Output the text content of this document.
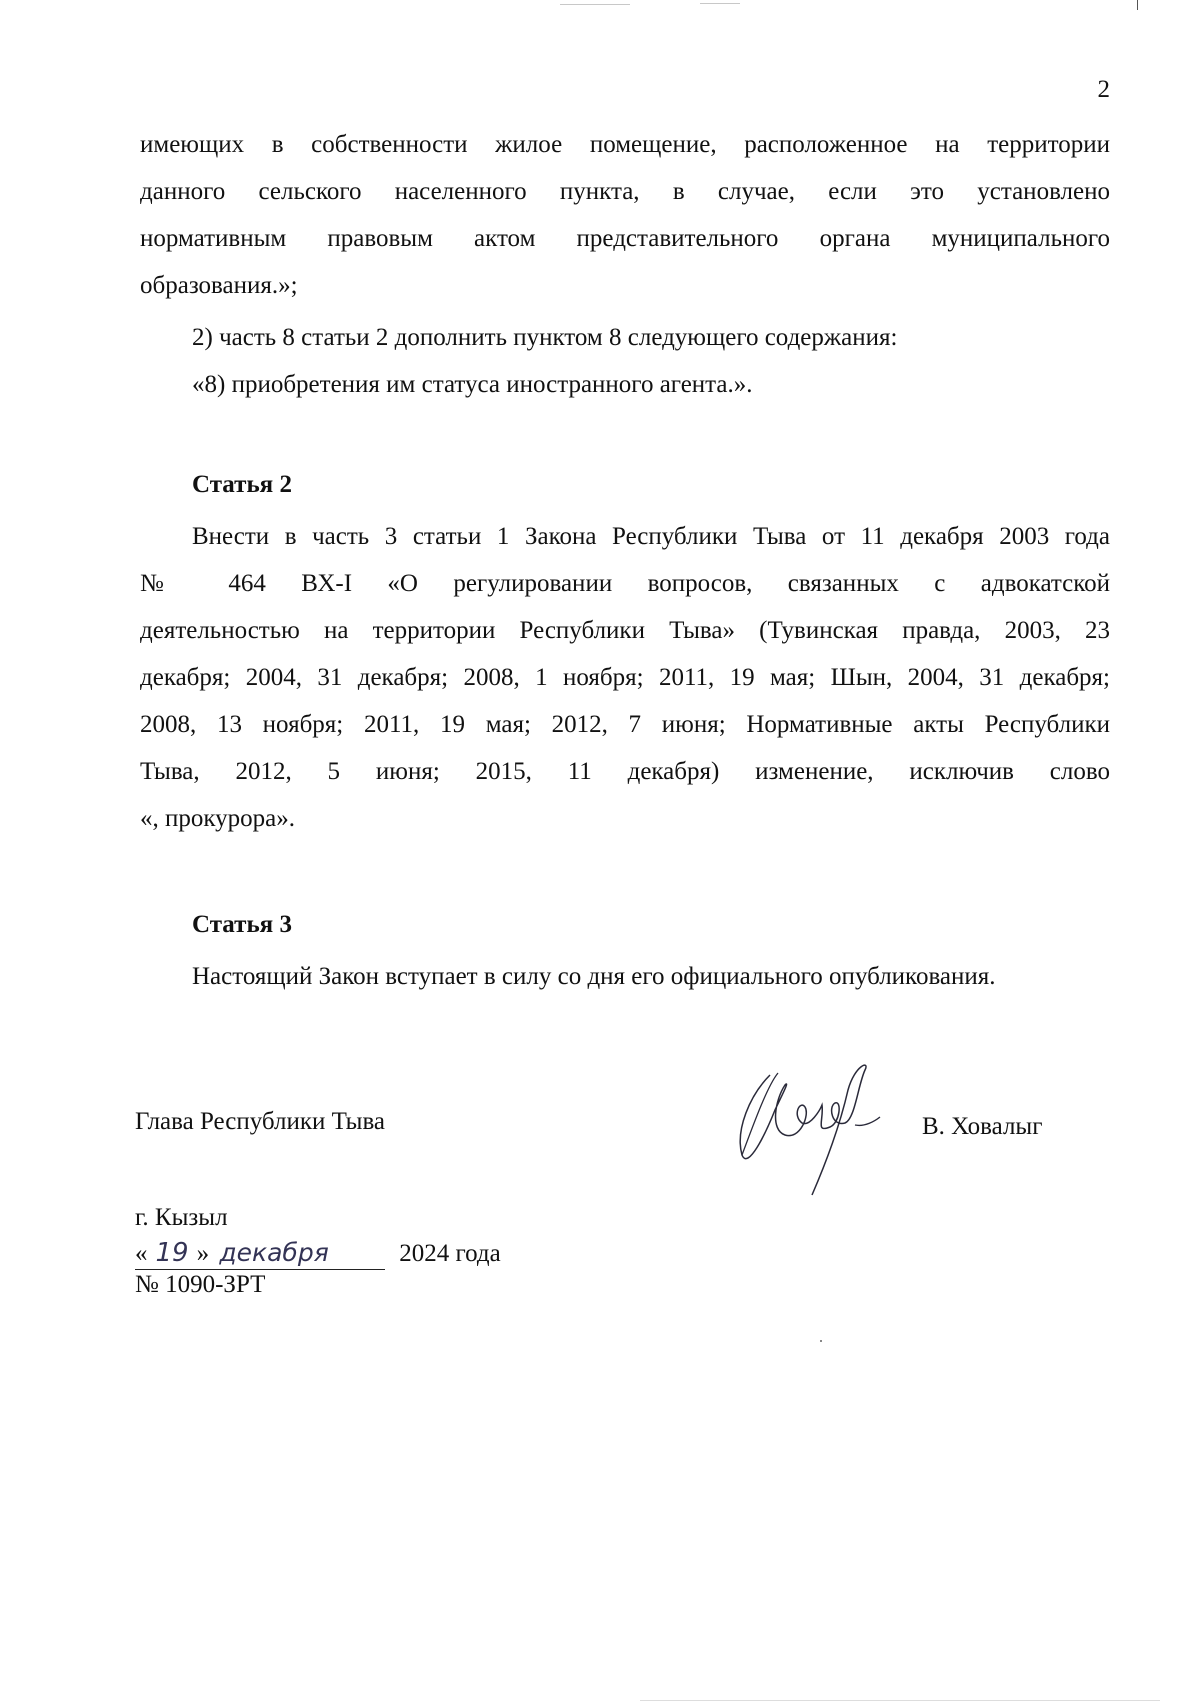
2
имеющих в собственности жилое помещение, расположенное на территории
данного сельского населенного пункта, в случае, если это установлено
нормативным правовым актом представительного органа муниципального
образования.»;
2) часть 8 статьи 2 дополнить пунктом 8 следующего содержания:
«8) приобретения им статуса иностранного агента.».
Статья 2
Внести в часть 3 статьи 1 Закона Республики Тыва от 11 декабря 2003 года
№ 464 ВХ-I «О регулировании вопросов, связанных с адвокатской
деятельностью на территории Республики Тыва» (Тувинская правда, 2003, 23
декабря; 2004, 31 декабря; 2008, 1 ноября; 2011, 19 мая; Шын, 2004, 31 декабря;
2008, 13 ноября; 2011, 19 мая; 2012, 7 июня; Нормативные акты Республики
Тыва, 2012, 5 июня; 2015, 11 декабря) изменение, исключив слово
«, прокурора».
Статья 3
Настоящий Закон вступает в силу со дня его официального опубликования.
Глава Республики Тыва	В. Ховалыг
г. Кызыл
« 19 » декабря	2024 года
№ 1090-ЗРТ
